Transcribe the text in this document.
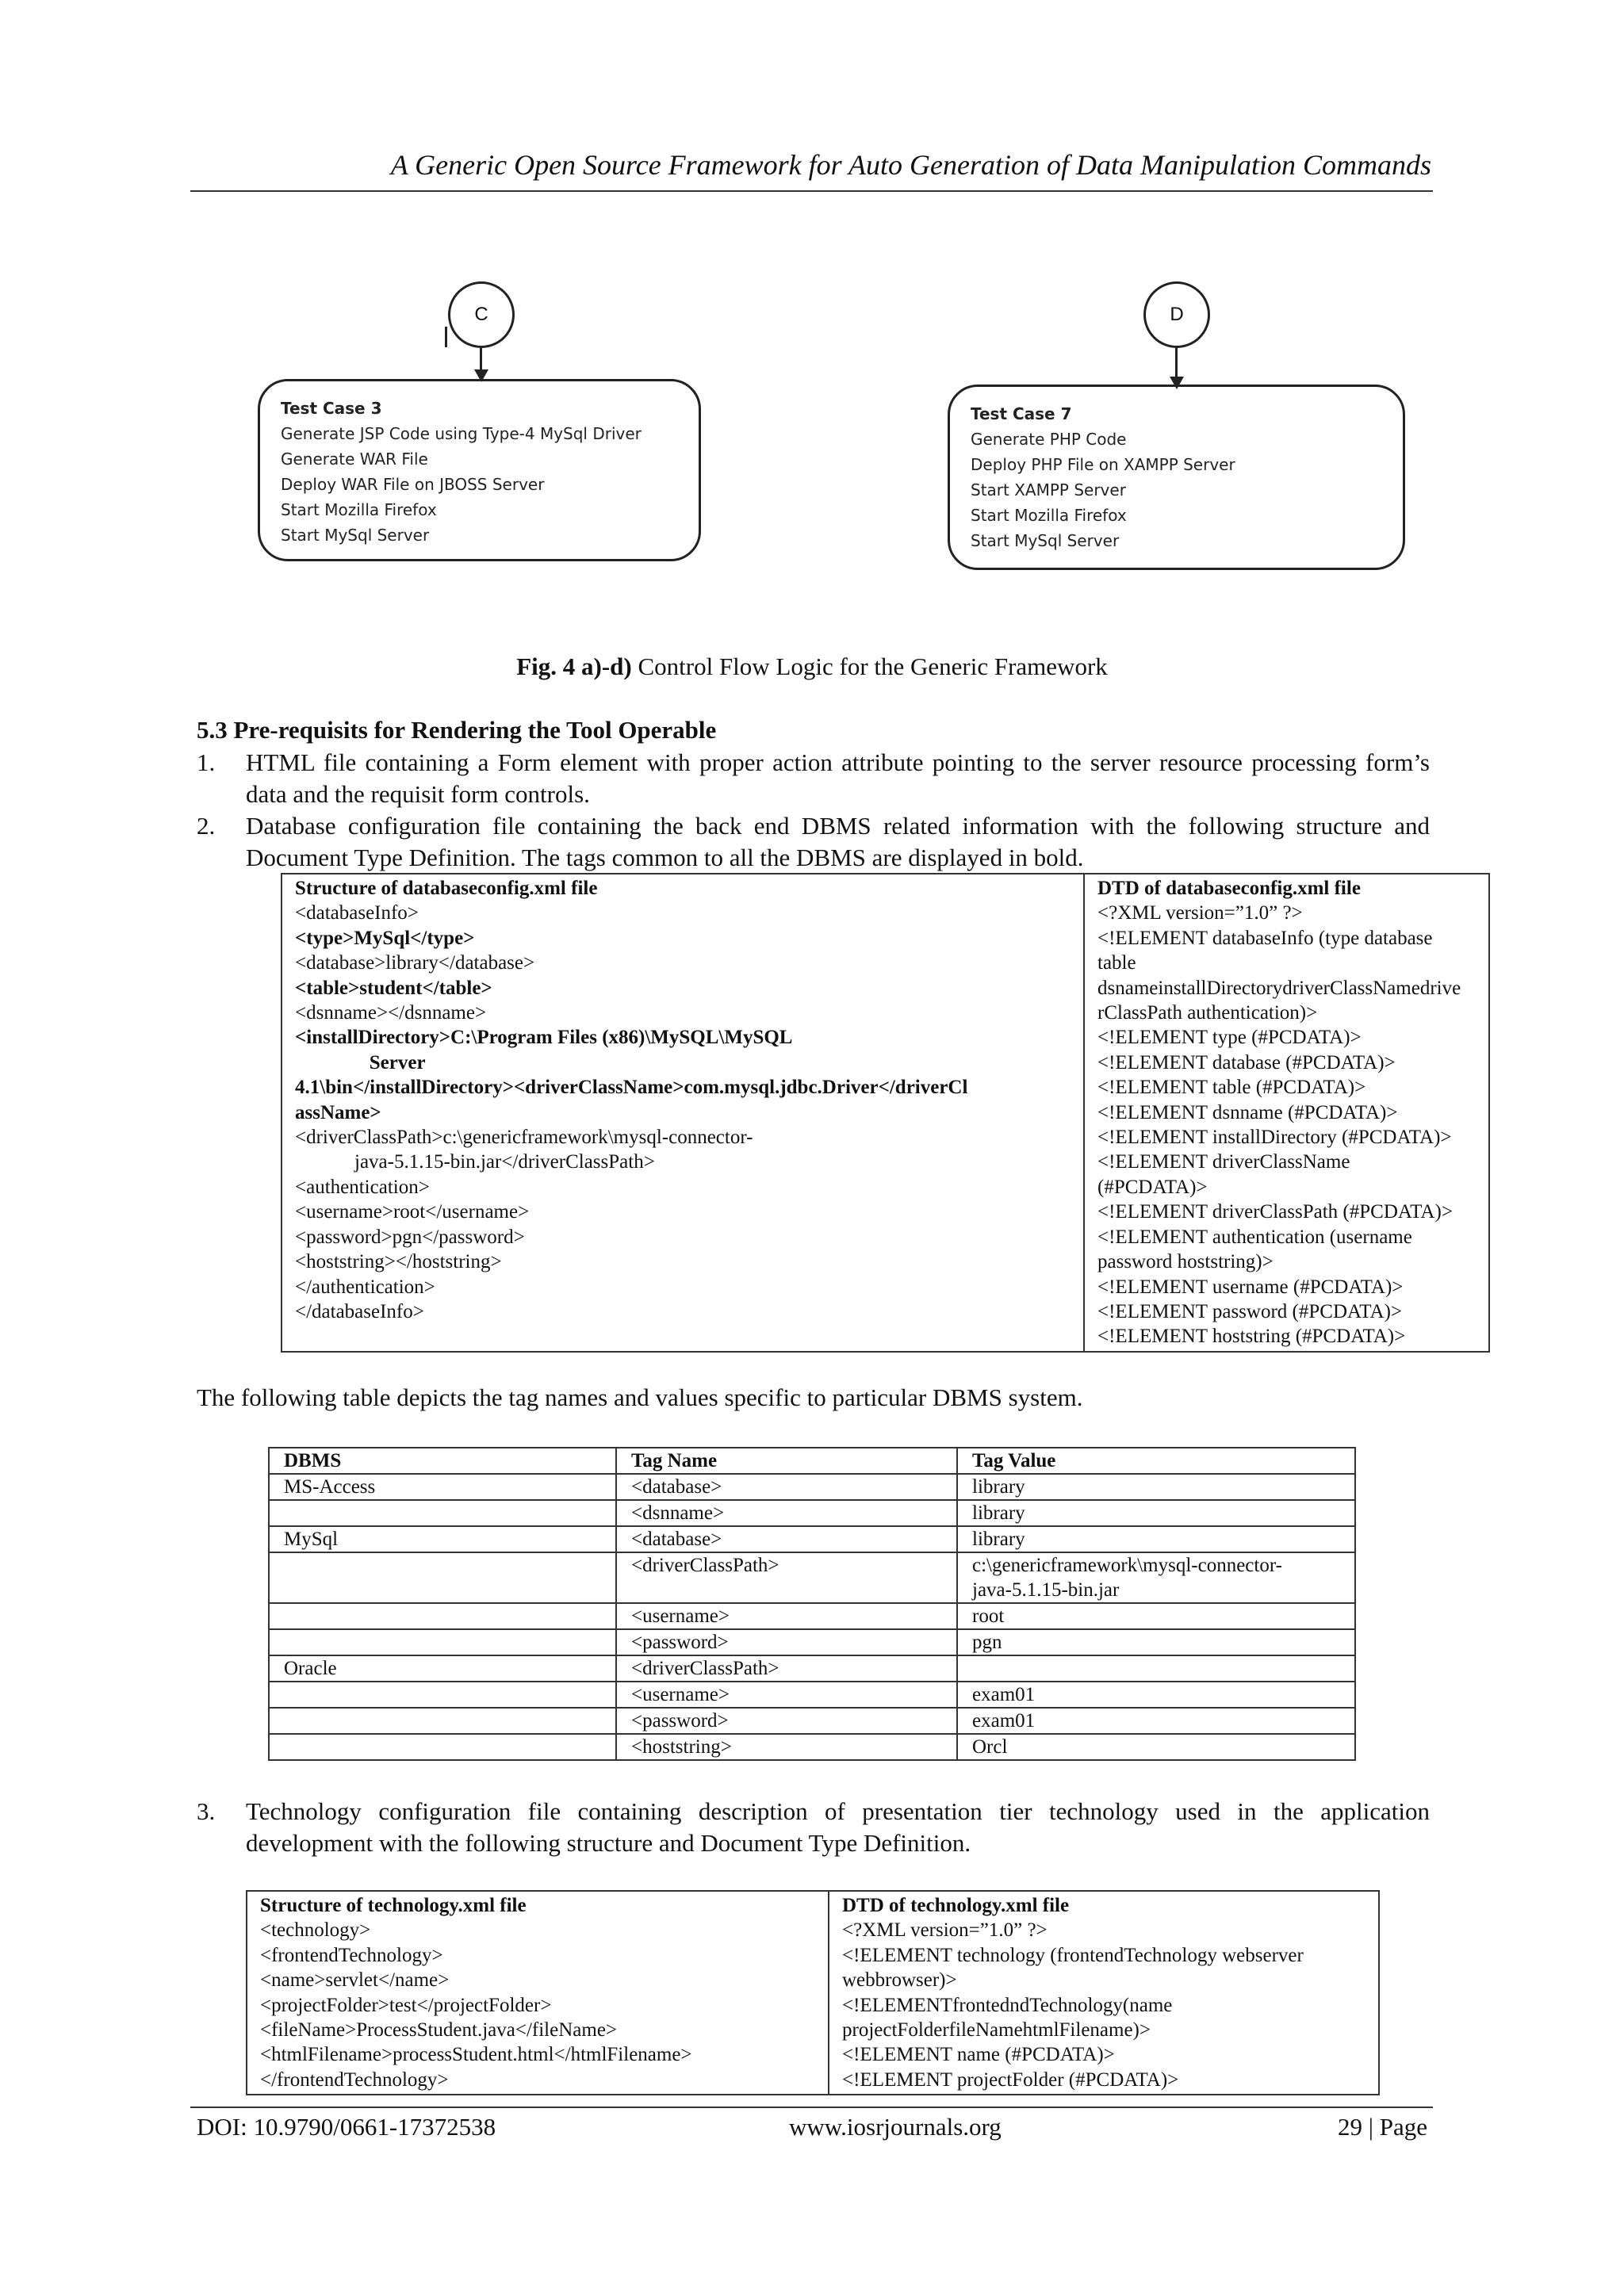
A Generic Open Source Framework for Auto Generation of Data Manipulation Commands
C
Test Case 3
Generate JSP Code using Type-4 MySql Driver
Generate WAR File
Deploy WAR File on JBOSS Server
Start Mozilla Firefox
Start MySql Server
D
Test Case 7
Generate PHP Code
Deploy PHP File on XAMPP Server
Start XAMPP Server
Start Mozilla Firefox
Start MySql Server
Fig. 4 a)-d) Control Flow Logic for the Generic Framework
5.3 Pre-requisits for Rendering the Tool Operable
1. HTML file containing a Form element with proper action attribute pointing to the server resource processing form’s data and the requisit form controls.
2. Database configuration file containing the back end DBMS related information with the following structure and Document Type Definition. The tags common to all the DBMS are displayed in bold.
Structure of databaseconfig.xml file
<databaseInfo>
<type>MySql</type>
<database>library</database>
<table>student</table>
<dsnname></dsnname>
<installDirectory>C:\Program Files (x86)\MySQL\MySQL
Server
4.1\bin</installDirectory><driverClassName>com.mysql.jdbc.Driver</driverCl
assName>
<driverClassPath>c:\genericframework\mysql-connector-
java-5.1.15-bin.jar</driverClassPath>
<authentication>
<username>root</username>
<password>pgn</password>
<hoststring></hoststring>
</authentication>
</databaseInfo>

DTD of databaseconfig.xml file
<?XML version=”1.0” ?>
<!ELEMENT databaseInfo (type database
table
dsnameinstallDirectorydriverClassNamedrive
rClassPath authentication)>
<!ELEMENT type (#PCDATA)>
<!ELEMENT database (#PCDATA)>
<!ELEMENT table (#PCDATA)>
<!ELEMENT dsnname (#PCDATA)>
<!ELEMENT installDirectory (#PCDATA)>
<!ELEMENT driverClassName
(#PCDATA)>
<!ELEMENT driverClassPath (#PCDATA)>
<!ELEMENT authentication (username
password hoststring)>
<!ELEMENT username (#PCDATA)>
<!ELEMENT password (#PCDATA)>
<!ELEMENT hoststring (#PCDATA)>
The following table depicts the tag names and values specific to particular DBMS system.
DBMS	Tag Name	Tag Value
MS-Access	<database>	library
	<dsnname>	library
MySql	<database>	library
	<driverClassPath>	c:\genericframework\mysql-connector-
java-5.1.15-bin.jar
	<username>	root
	<password>	pgn
Oracle	<driverClassPath>	
	<username>	exam01
	<password>	exam01
	<hoststring>	Orcl
3. Technology configuration file containing description of presentation tier technology used in the application development with the following structure and Document Type Definition.
Structure of technology.xml file
<technology>
<frontendTechnology>
<name>servlet</name>
<projectFolder>test</projectFolder>
<fileName>ProcessStudent.java</fileName>
<htmlFilename>processStudent.html</htmlFilename>
</frontendTechnology>

DTD of technology.xml file
<?XML version=”1.0” ?>
<!ELEMENT technology (frontendTechnology webserver
webbrowser)>
<!ELEMENTfrontedndTechnology(name
projectFolderfileNamehtmlFilename)>
<!ELEMENT name (#PCDATA)>
<!ELEMENT projectFolder (#PCDATA)>
DOI: 10.9790/0661-17372538	www.iosrjournals.org	29 | Page
